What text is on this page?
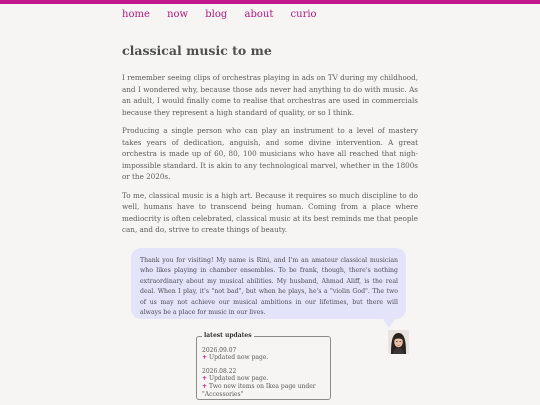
home now blog about curio
classical music to me

I remember seeing clips of orchestras playing in ads on TV during my childhood, and I wondered why, because those ads never had anything to do with music. As an adult, I would finally come to realise that orchestras are used in commercials because they represent a high standard of quality, or so I think.

Producing a single person who can play an instrument to a level of mastery takes years of dedication, anguish, and some divine intervention. A great orchestra is made up of 60, 80, 100 musicians who have all reached that nigh-impossible standard. It is akin to any technological marvel, whether in the 1800s or the 2020s.

To me, classical music is a high art. Because it requires so much discipline to do well, humans have to transcend being human. Coming from a place where mediocrity is often celebrated, classical music at its best reminds me that people can, and do, strive to create things of beauty.

Thank you for visiting! My name is Rini, and I'm an amateur classical musician who likes playing in chamber ensembles. To be frank, though, there's nothing extraordinary about my musical abilities. My husband, Ahmad Aliff, is the real deal. When I play, it's "not bad", but when he plays, he's a "violin God". The two of us may not achieve our musical ambitions in our lifetimes, but there will always be a place for music in our lives.

latest updates
2026.09.07
+ Updated now page.
2026.08.22
+ Updated now page.
+ Two new items on Ikea page under "Accessories"
